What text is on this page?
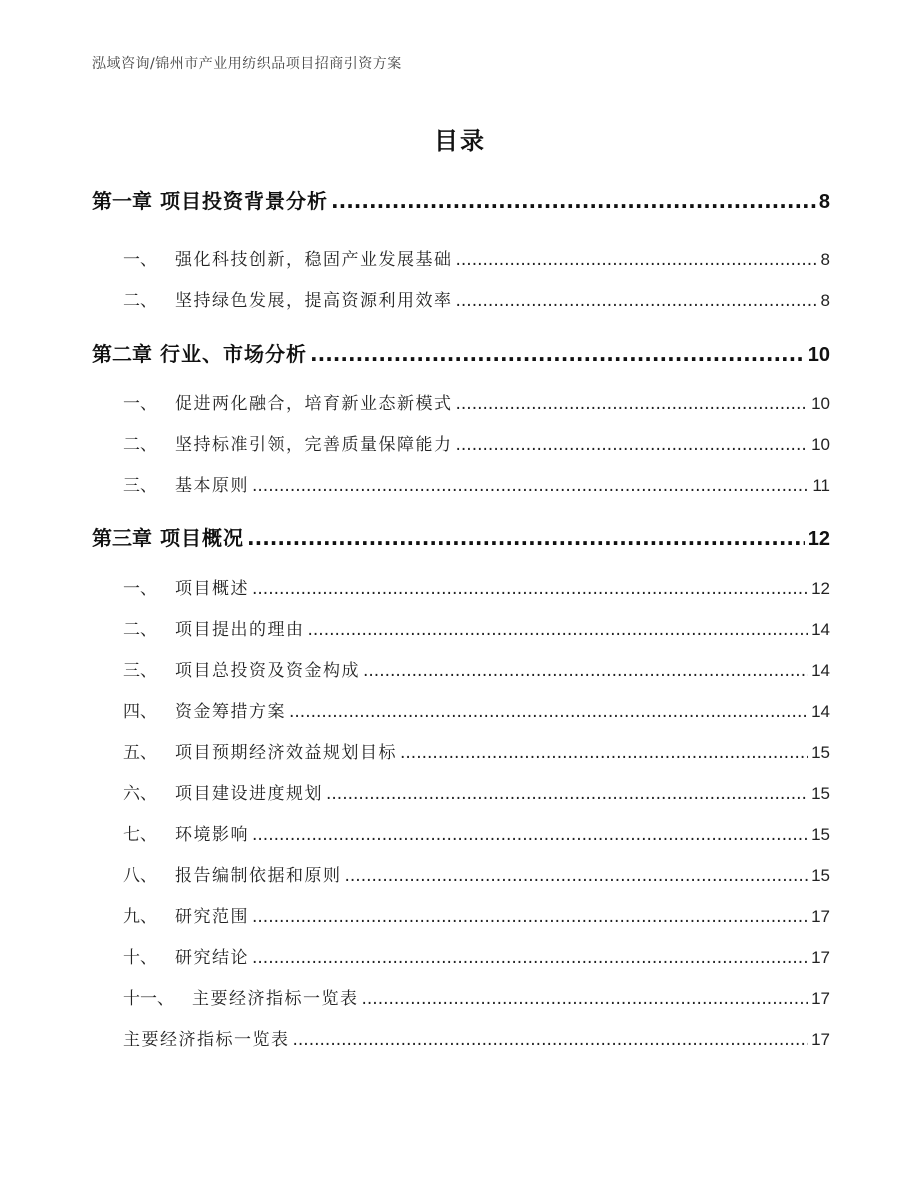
泓域咨询/锦州市产业用纺织品项目招商引资方案
目录
第一章 项目投资背景分析 .....	8
一、 强化科技创新，稳固产业发展基础 .....	8
二、 坚持绿色发展，提高资源利用效率 .....	8
第二章 行业、市场分析 .....	10
一、 促进两化融合，培育新业态新模式 .....	10
二、 坚持标准引领，完善质量保障能力 .....	10
三、 基本原则 .....	11
第三章 项目概况 .....	12
一、 项目概述 .....	12
二、 项目提出的理由 .....	14
三、 项目总投资及资金构成 .....	14
四、 资金筹措方案 .....	14
五、 项目预期经济效益规划目标 .....	15
六、 项目建设进度规划 .....	15
七、 环境影响 .....	15
八、 报告编制依据和原则 .....	15
九、 研究范围 .....	17
十、 研究结论 .....	17
十一、 主要经济指标一览表 .....	17
主要经济指标一览表 .....	17
